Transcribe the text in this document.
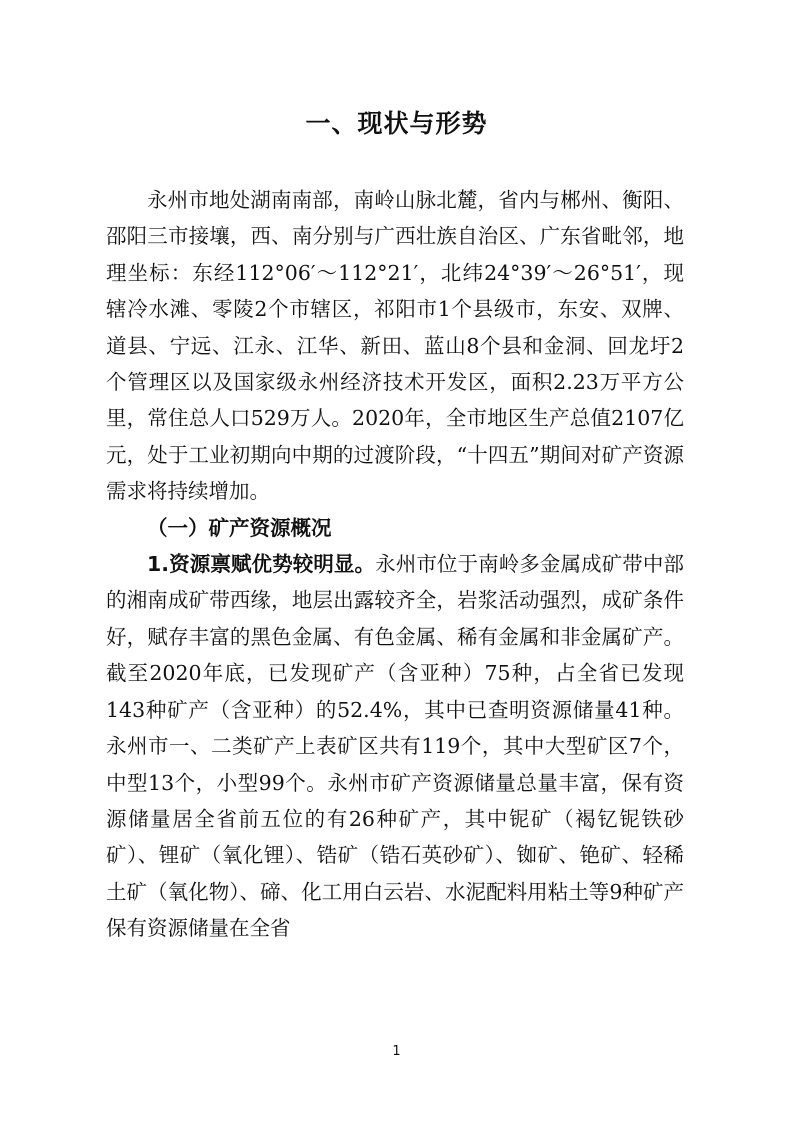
一、现状与形势

永州市地处湖南南部，南岭山脉北麓，省内与郴州、衡阳、邵阳三市接壤，西、南分别与广西壮族自治区、广东省毗邻，地理坐标：东经112°06′～112°21′，北纬24°39′～26°51′，现辖冷水滩、零陵2个市辖区，祁阳市1个县级市，东安、双牌、道县、宁远、江永、江华、新田、蓝山8个县和金洞、回龙圩2个管理区以及国家级永州经济技术开发区，面积2.23万平方公里，常住总人口529万人。2020年，全市地区生产总值2107亿元，处于工业初期向中期的过渡阶段，“十四五”期间对矿产资源需求将持续增加。

（一）矿产资源概况

1.资源禀赋优势较明显。永州市位于南岭多金属成矿带中部的湘南成矿带西缘，地层出露较齐全，岩浆活动强烈，成矿条件好，赋存丰富的黑色金属、有色金属、稀有金属和非金属矿产。截至2020年底，已发现矿产（含亚种）75种，占全省已发现143种矿产（含亚种）的52.4%，其中已查明资源储量41种。永州市一、二类矿产上表矿区共有119个，其中大型矿区7个，中型13个，小型99个。永州市矿产资源储量总量丰富，保有资源储量居全省前五位的有26种矿产，其中铌矿（褐钇铌铁砂矿）、锂矿（氧化锂）、锆矿（锆石英砂矿）、铷矿、铯矿、轻稀土矿（氧化物）、碲、化工用白云岩、水泥配料用粘土等9种矿产保有资源储量在全省

1
